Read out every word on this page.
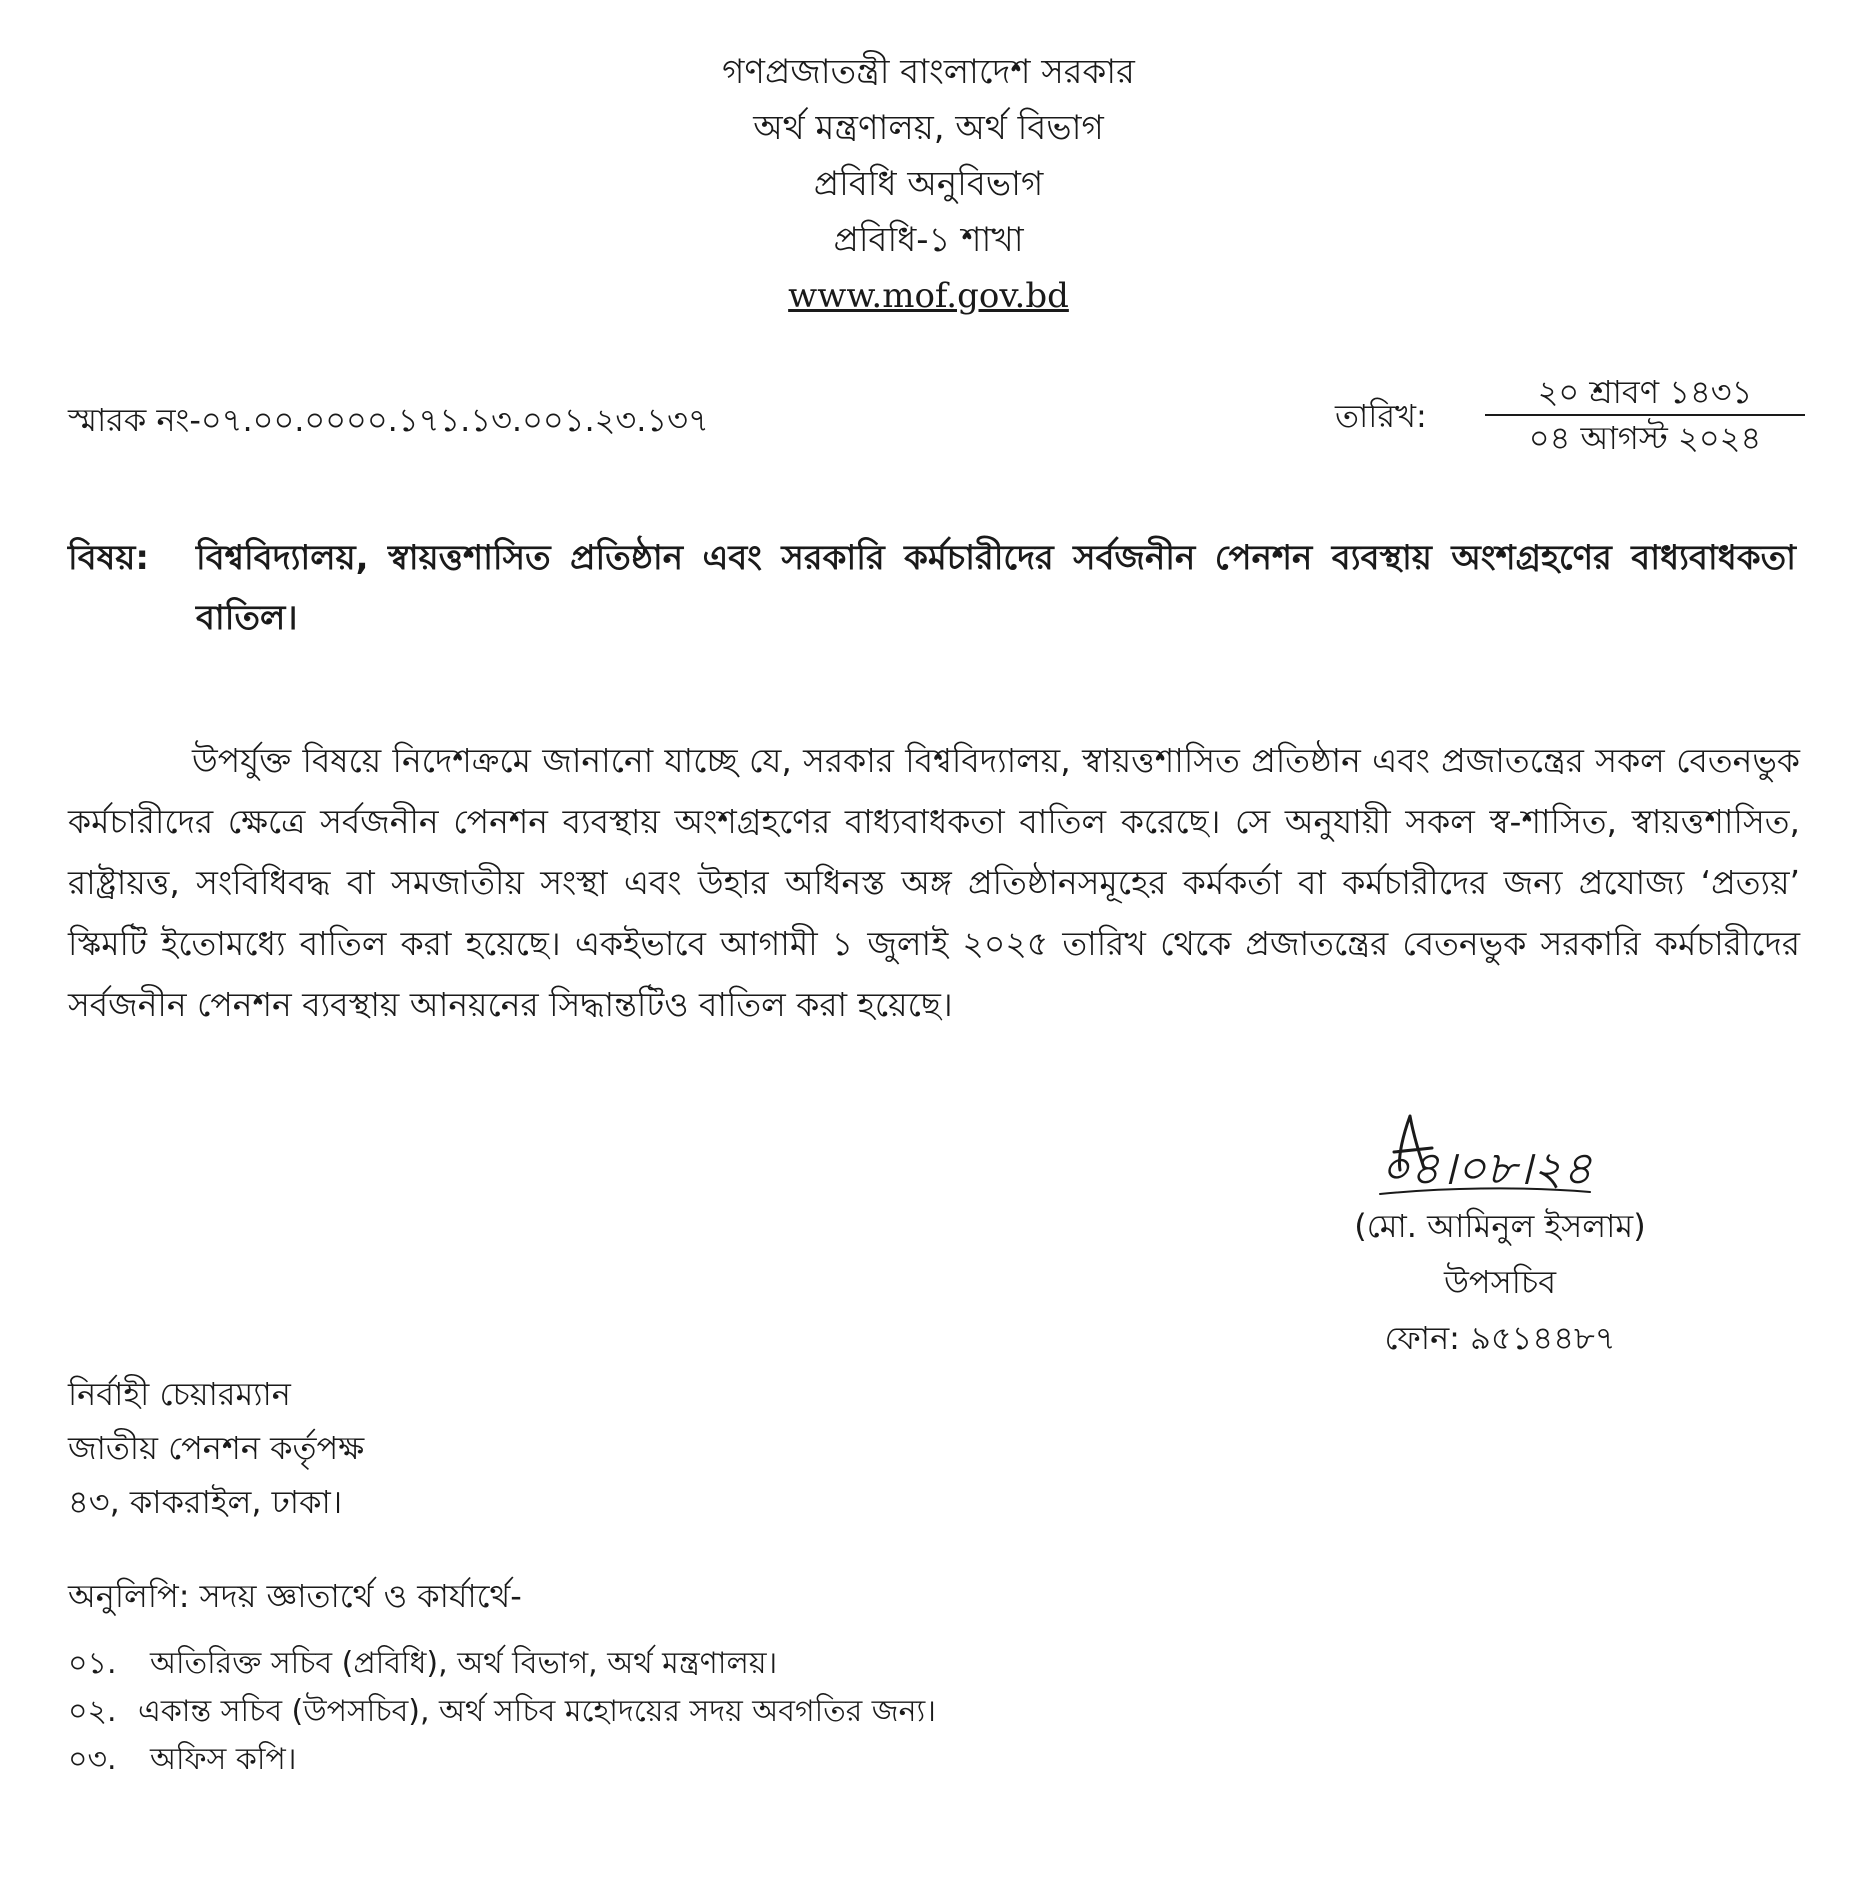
গণপ্রজাতন্ত্রী বাংলাদেশ সরকার
অর্থ মন্ত্রণালয়, অর্থ বিভাগ
প্রবিধি অনুবিভাগ
প্রবিধি-১ শাখা
www.mof.gov.bd
স্মারক নং-০৭.০০.০০০০.১৭১.১৩.০০১.২৩.১৩৭	তারিখ:
২০ শ্রাবণ ১৪৩১
০৪ আগস্ট ২০২৪
বিষয়: বিশ্ববিদ্যালয়, স্বায়ত্তশাসিত প্রতিষ্ঠান এবং সরকারি কর্মচারীদের সর্বজনীন পেনশন ব্যবস্থায় অংশগ্রহণের বাধ্যবাধকতা বাতিল।
উপর্যুক্ত বিষয়ে নিদেশক্রমে জানানো যাচ্ছে যে, সরকার বিশ্ববিদ্যালয়, স্বায়ত্তশাসিত প্রতিষ্ঠান এবং প্রজাতন্ত্রের সকল বেতনভুক কর্মচারীদের ক্ষেত্রে সর্বজনীন পেনশন ব্যবস্থায় অংশগ্রহণের বাধ্যবাধকতা বাতিল করেছে। সে অনুযায়ী সকল স্ব-শাসিত, স্বায়ত্তশাসিত, রাষ্ট্রায়ত্ত, সংবিধিবদ্ধ বা সমজাতীয় সংস্থা এবং উহার অধিনস্ত অঙ্গ প্রতিষ্ঠানসমূহের কর্মকর্তা বা কর্মচারীদের জন্য প্রযোজ্য ‘প্রত্যয়’ স্কিমটি ইতোমধ্যে বাতিল করা হয়েছে। একইভাবে আগামী ১ জুলাই ২০২৫ তারিখ থেকে প্রজাতন্ত্রের বেতনভুক সরকারি কর্মচারীদের সর্বজনীন পেনশন ব্যবস্থায় আনয়নের সিদ্ধান্তটিও বাতিল করা হয়েছে।
০৪।০৮।২৪
(মো. আমিনুল ইসলাম)
উপসচিব
ফোন: ৯৫১৪৪৮৭
নির্বাহী চেয়ারম্যান
জাতীয় পেনশন কর্তৃপক্ষ
৪৩, কাকরাইল, ঢাকা।
অনুলিপি: সদয় জ্ঞাতার্থে ও কার্যার্থে-
০১. অতিরিক্ত সচিব (প্রবিধি), অর্থ বিভাগ, অর্থ মন্ত্রণালয়।
০২. একান্ত সচিব (উপসচিব), অর্থ সচিব মহোদয়ের সদয় অবগতির জন্য।
০৩. অফিস কপি।
